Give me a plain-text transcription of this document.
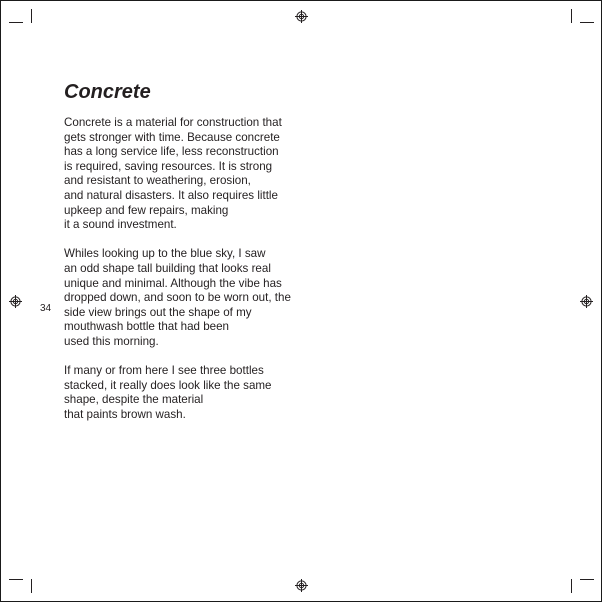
Concrete

Concrete is a material for construction that
gets stronger with time. Because concrete
has a long service life, less reconstruction
is required, saving resources. It is strong
and resistant to weathering, erosion,
and natural disasters. It also requires little
upkeep and few repairs, making
it a sound investment.

Whiles looking up to the blue sky, I saw
an odd shape tall building that looks real
unique and minimal. Although the vibe has
dropped down, and soon to be worn out, the
side view brings out the shape of my
mouthwash bottle that had been
used this morning.

If many or from here I see three bottles
stacked, it really does look like the same
shape, despite the material
that paints brown wash.

34
